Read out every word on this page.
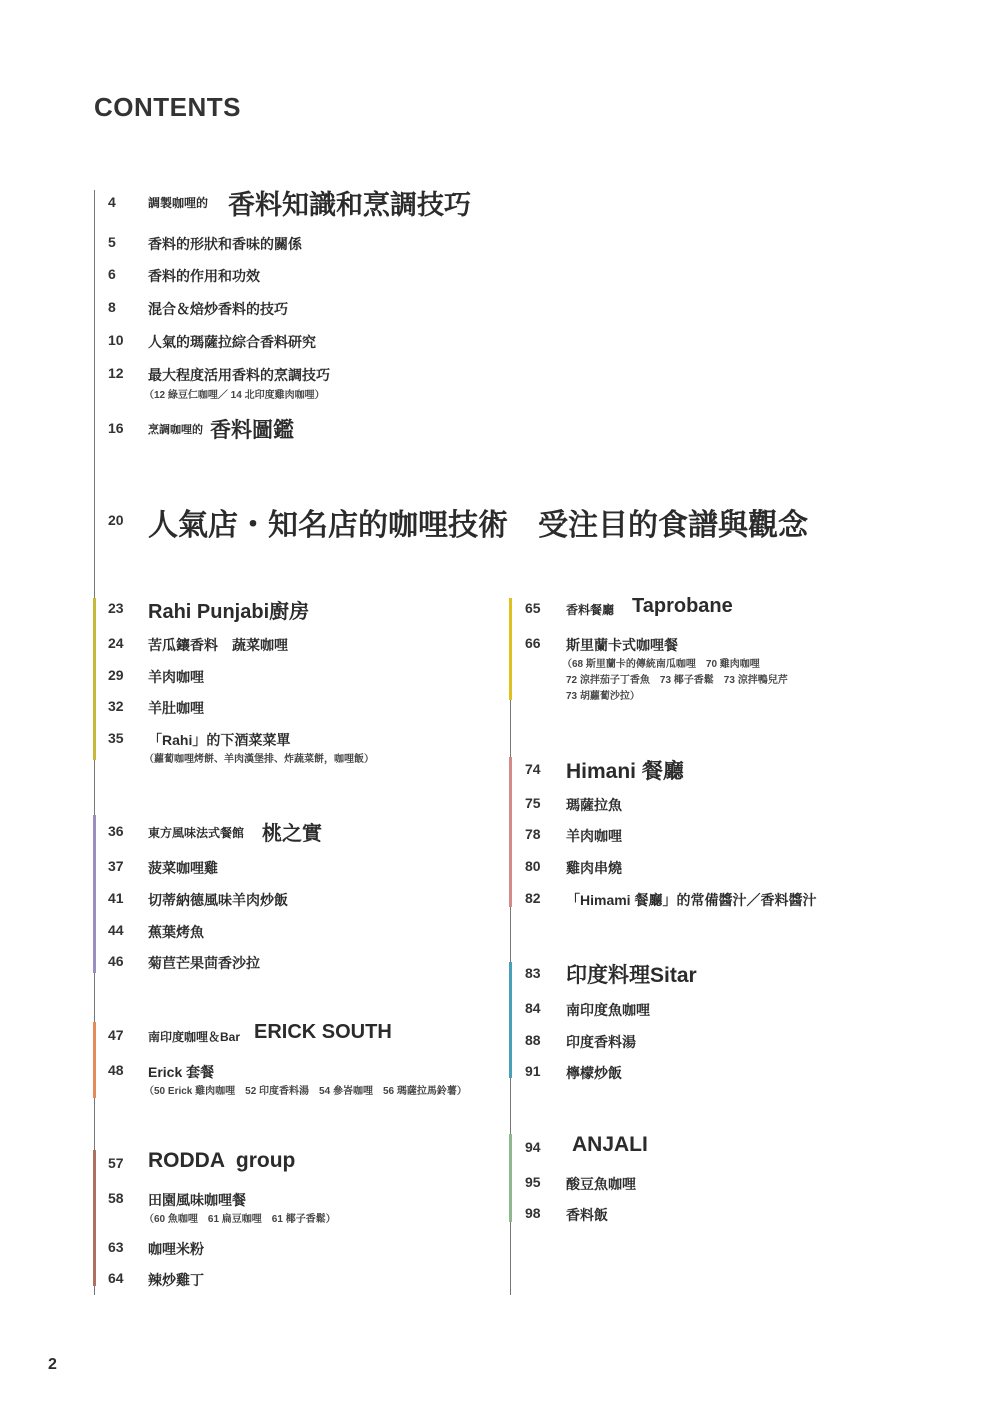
CONTENTS
4	調製咖哩的 香料知識和烹調技巧
5 香料的形狀和香味的關係
6 香料的作用和功效
8 混合＆焙炒香料的技巧
10 人氣的瑪薩拉綜合香料研究
12 最大程度活用香料的烹調技巧
（12 綠豆仁咖哩／ 14 北印度雞肉咖哩）
16 烹調咖哩的 香料圖鑑
20 人氣店・知名店的咖哩技術　受注目的食譜與觀念
23 Rahi Punjabi廚房
24 苦瓜鑲香料　蔬菜咖哩
29 羊肉咖哩
32 羊肚咖哩
35 「Rahi」的下酒菜菜單
（蘿蔔咖哩烤餅、羊肉漢堡排、炸蔬菜餅，咖哩飯）
36 東方風味法式餐館 桃之實
37 菠菜咖哩雞
41 切蒂納德風味羊肉炒飯
44 蕉葉烤魚
46 菊苣芒果茴香沙拉
47 南印度咖哩＆Bar ERICK SOUTH
48 Erick 套餐
（50 Erick 雞肉咖哩　52 印度香料湯　54 參峇咖哩　56 瑪薩拉馬鈴薯）
57 RODDA  group
58 田園風味咖哩餐
（60 魚咖哩　61 扁豆咖哩　61 椰子香鬆）
63 咖哩米粉
64 辣炒雞丁
65 香料餐廳 Taprobane
66 斯里蘭卡式咖哩餐
（68 斯里蘭卡的傳統南瓜咖哩　70 雞肉咖哩
72 涼拌茄子丁香魚　73 椰子香鬆　73 涼拌鴨兒芹
73 胡蘿蔔沙拉）
74 Himani 餐廳
75 瑪薩拉魚
78 羊肉咖哩
80 雞肉串燒
82 「Himami 餐廳」的常備醬汁／香料醬汁
83 印度料理Sitar
84 南印度魚咖哩
88 印度香料湯
91 檸檬炒飯
94 ANJALI
95 酸豆魚咖哩
98 香料飯
2
